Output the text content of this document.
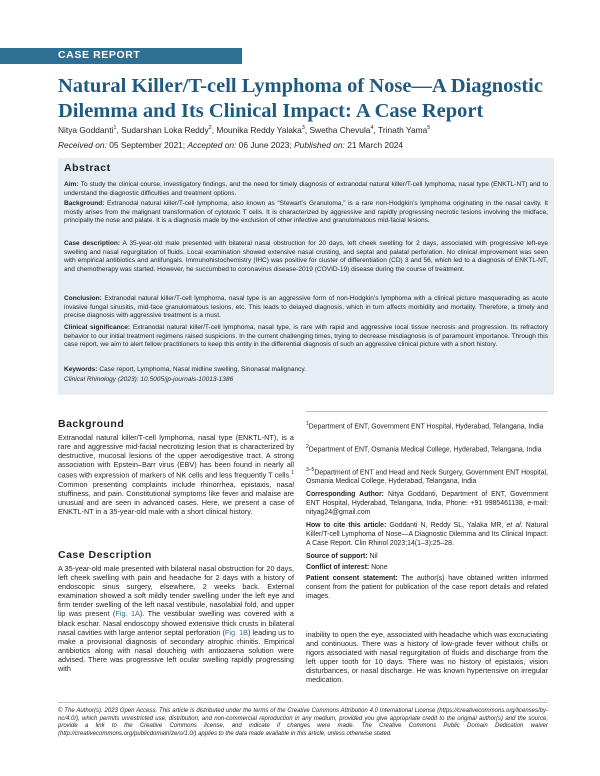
CASE REPORT
Natural Killer/T-cell Lymphoma of Nose—A Diagnostic Dilemma and Its Clinical Impact: A Case Report
Nitya Goddanti$^1$, Sudarshan Loka Reddy$^2$, Mounika Reddy Yalaka$^3$, Swetha Chevula$^4$, Trinath Yama$^5$
Received on: 05 September 2021; Accepted on: 06 June 2023; Published on: 21 March 2024
Abstract

Aim: To study the clinical course, investigatory findings, and the need for timely diagnosis of extranodal natural killer/T-cell lymphoma, nasal type (ENKTL-NT) and to understand the diagnostic difficulties and treatment options.

Background: Extranodal natural killer/T-cell lymphoma, also known as “Stewart’s Granuloma,” is a rare non-Hodgkin’s lymphoma originating in the nasal cavity. It mostly arises from the malignant transformation of cytotoxic T cells. It is characterized by aggressive and rapidly progressing necrotic lesions involving the midface, principally the nose and palate. It is a diagnosis made by the exclusion of other infective and granulomatous mid-facial lesions.

Case description: A 35-year-old male presented with bilateral nasal obstruction for 20 days, left cheek swelling for 2 days, associated with progressive left-eye swelling and nasal regurgitation of fluids. Local examination showed extensive nasal crusting, and septal and palatal perforation. No clinical improvement was seen with empirical antibiotics and antifungals. Immunohistochemistry (IHC) was positive for cluster of differentiation (CD) 3 and 56, which led to a diagnosis of ENKTL-NT, and chemotherapy was started. However, he succumbed to coronavirus disease-2019 (COVID-19) disease during the course of treatment.

Conclusion: Extranodal natural killer/T-cell lymphoma, nasal type is an aggressive form of non-Hodgkin’s lymphoma with a clinical picture masquerading as acute invasive fungal sinusitis, mid-face granulomatous lesions, etc. This leads to delayed diagnosis, which in turn affects morbidity and mortality. Therefore, a timely and precise diagnosis with aggressive treatment is a must.

Clinical significance: Extranodal natural killer/T-cell lymphoma, nasal type, is rare with rapid and aggressive local tissue necrosis and progression. Its refractory behavior to our initial treatment regimens raised suspicions. In the current challenging times, trying to decrease misdiagnosis is of paramount importance. Through this case report, we aim to alert fellow practitioners to keep this entity in the differential diagnosis of such an aggressive clinical picture with a short history.

Keywords: Case report, Lymphoma, Nasal midline swelling, Sinonasal malignancy.

Clinical Rhinology (2023): 10.5005/jp-journals-10013-1386

Background

Extranodal natural killer/T-cell lymphoma, nasal type (ENKTL-NT), is a rare and aggressive mid-facial necrotizing lesion that is characterized by destructive, mucosal lesions of the upper aerodigestive tract. A strong association with Epstein–Barr virus (EBV) has been found in nearly all cases with expression of markers of NK cells and less frequently T cells.$^1$ Common presenting complaints include rhinorrhea, epistaxis, nasal stuffiness, and pain. Constitutional symptoms like fever and malaise are unusual and are seen in advanced cases. Here, we present a case of ENKTL-NT in a 35-year-old male with a short clinical history.

Case Description

A 35-year-old male presented with bilateral nasal obstruction for 20 days, left cheek swelling with pain and headache for 2 days with a history of endoscopic sinus surgery, elsewhere, 2 weeks back. External examination showed a soft mildly tender swelling under the left eye and firm tender swelling of the left nasal vestibule, nasolabial fold, and upper lip was present (Fig. 1A). The vestibular swelling was covered with a black eschar. Nasal endoscopy showed extensive thick crusts in bilateral nasal cavities with large anterior septal perforation (Fig. 1B) leading us to make a provisional diagnosis of secondary atrophic rhinitis. Empirical antibiotics along with nasal douching with antiozaena solution were advised. There was progressive left ocular swelling rapidly progressing with

$^1$Department of ENT, Government ENT Hospital, Hyderabad, Telangana, India
$^2$Department of ENT, Osmania Medical College, Hyderabad, Telangana, India
$^{3-5}$Department of ENT and Head and Neck Surgery, Government ENT Hospital, Osmania Medical College, Hyderabad, Telangana, India
Corresponding Author: Nitya Goddanti, Department of ENT, Government ENT Hospital, Hyderabad, Telangana, India, Phone: +91 9985461138, e-mail: nityag24@gmail.com
How to cite this article: Goddanti N, Reddy SL, Yalaka MR, et al. Natural Killer/T-cell Lymphoma of Nose—A Diagnostic Dilemma and Its Clinical Impact: A Case Report. Clin Rhinol 2023;14(1–3):25–28.
Source of support: Nil
Conflict of interest: None
Patient consent statement: The author(s) have obtained written informed consent from the patient for publication of the case report details and related images.

inability to open the eye, associated with headache which was excruciating and continuous. There was a history of low-grade fever without chills or rigors associated with nasal regurgitation of fluids and discharge from the left upper tooth for 10 days. There was no history of epistaxis, vision disturbances, or nasal discharge. He was known hypertensive on irregular medication.

© The Author(s). 2023 Open Access. This article is distributed under the terms of the Creative Commons Attribution 4.0 International License (https://creativecommons.org/licenses/by-nc/4.0/), which permits unrestricted use, distribution, and non-commercial reproduction in any medium, provided you give appropriate credit to the original author(s) and the source, provide a link to the Creative Commons license, and indicate if changes were made. The Creative Commons Public Domain Dedication waiver (http://creativecommons.org/publicdomain/zero/1.0/) applies to the data made available in this article, unless otherwise stated.
